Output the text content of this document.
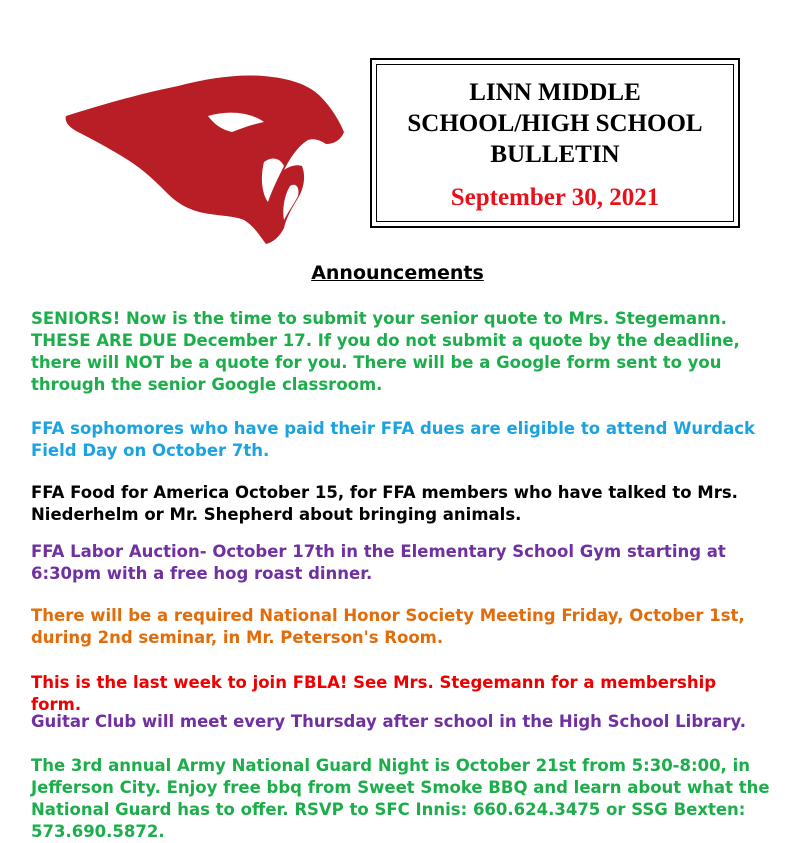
LINN MIDDLE
SCHOOL/HIGH SCHOOL
BULLETIN
September 30, 2021
Announcements

SENIORS! Now is the time to submit your senior quote to Mrs. Stegemann. THESE ARE DUE December 17. If you do not submit a quote by the deadline, there will NOT be a quote for you. There will be a Google form sent to you through the senior Google classroom.

FFA sophomores who have paid their FFA dues are eligible to attend Wurdack Field Day on October 7th.

FFA Food for America October 15, for FFA members who have talked to Mrs. Niederhelm or Mr. Shepherd about bringing animals.

FFA Labor Auction- October 17th in the Elementary School Gym starting at 6:30pm with a free hog roast dinner.

There will be a required National Honor Society Meeting Friday, October 1st, during 2nd seminar, in Mr. Peterson's Room.

This is the last week to join FBLA! See Mrs. Stegemann for a membership form.

Guitar Club will meet every Thursday after school in the High School Library.

The 3rd annual Army National Guard Night is October 21st from 5:30-8:00, in Jefferson City. Enjoy free bbq from Sweet Smoke BBQ and learn about what the National Guard has to offer. RSVP to SFC Innis: 660.624.3475 or SSG Bexten: 573.690.5872.
